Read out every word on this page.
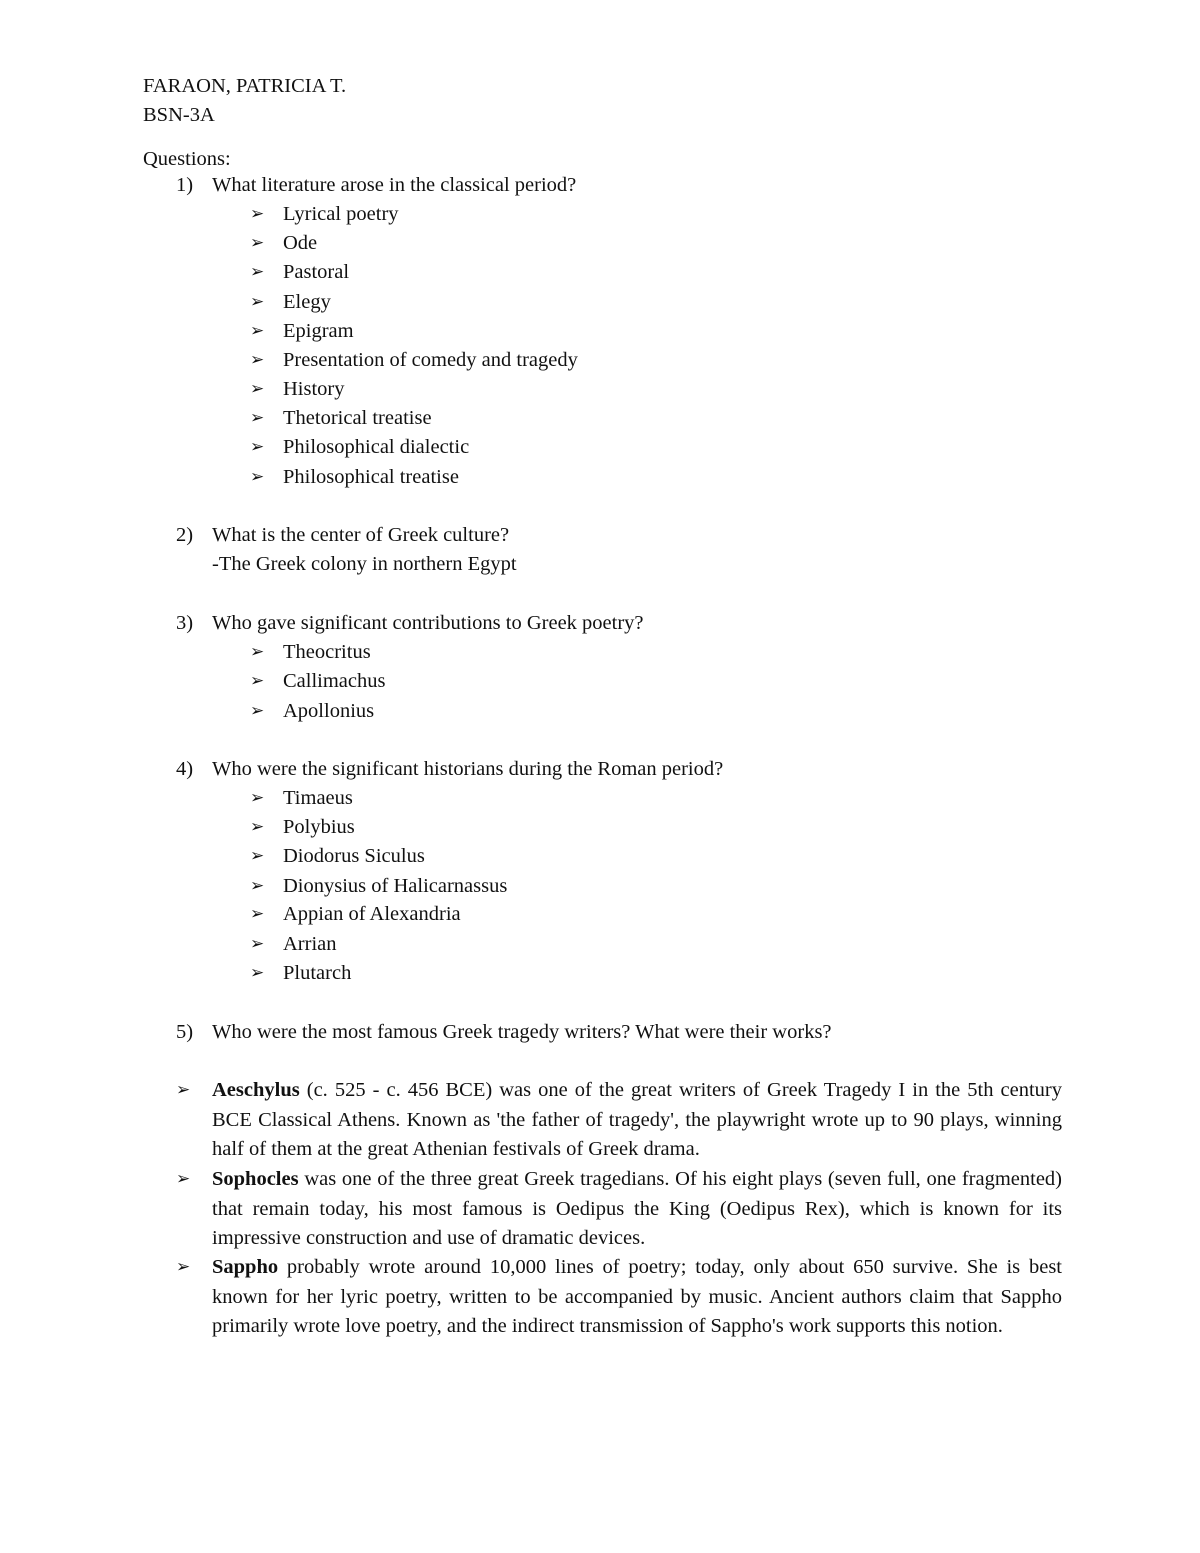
FARAON, PATRICIA T.
BSN-3A
Questions:
1) What literature arose in the classical period?
➢ Lyrical poetry
➢ Ode
➢ Pastoral
➢ Elegy
➢ Epigram
➢ Presentation of comedy and tragedy
➢ History
➢ Thetorical treatise
➢ Philosophical dialectic
➢ Philosophical treatise
2) What is the center of Greek culture?
-The Greek colony in northern Egypt
3) Who gave significant contributions to Greek poetry?
➢ Theocritus
➢ Callimachus
➢ Apollonius
4) Who were the significant historians during the Roman period?
➢ Timaeus
➢ Polybius
➢ Diodorus Siculus
➢ Dionysius of Halicarnassus
➢ Appian of Alexandria
➢ Arrian
➢ Plutarch
5) Who were the most famous Greek tragedy writers? What were their works?
➢ Aeschylus (c. 525 - c. 456 BCE) was one of the great writers of Greek Tragedy I in the 5th century BCE Classical Athens. Known as 'the father of tragedy', the playwright wrote up to 90 plays, winning half of them at the great Athenian festivals of Greek drama.
➢ Sophocles was one of the three great Greek tragedians. Of his eight plays (seven full, one fragmented) that remain today, his most famous is Oedipus the King (Oedipus Rex), which is known for its impressive construction and use of dramatic devices.
➢ Sappho probably wrote around 10,000 lines of poetry; today, only about 650 survive. She is best known for her lyric poetry, written to be accompanied by music. Ancient authors claim that Sappho primarily wrote love poetry, and the indirect transmission of Sappho's work supports this notion.
